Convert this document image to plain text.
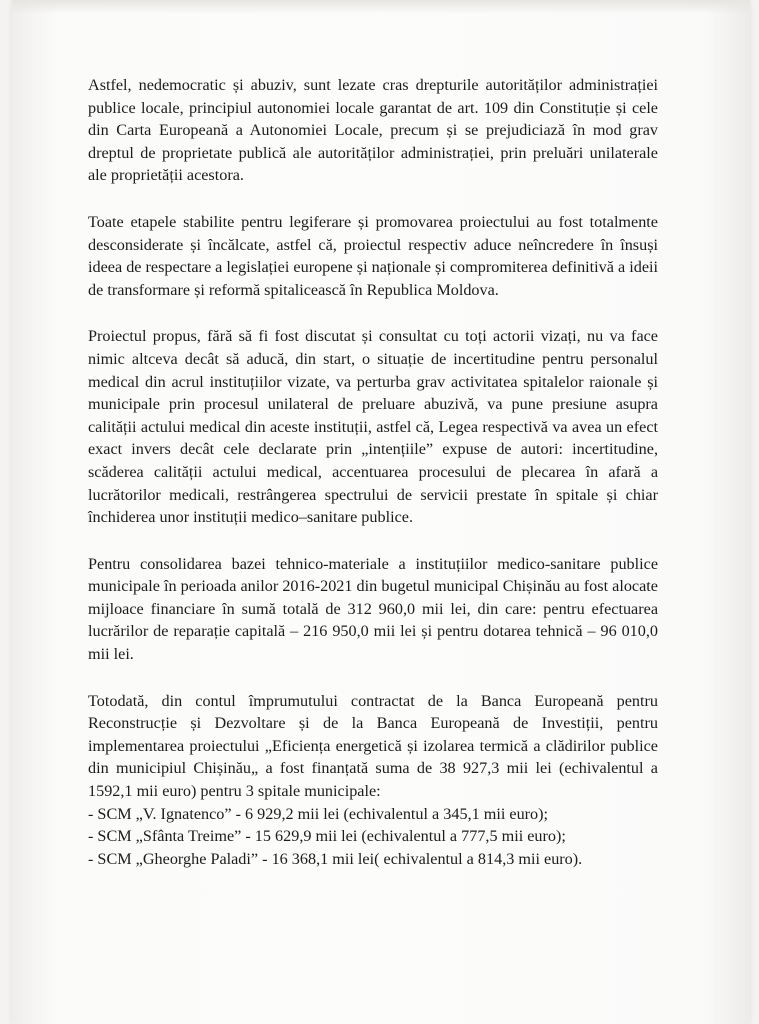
Astfel, nedemocratic și abuziv, sunt lezate cras drepturile autorităților administrației publice locale, principiul autonomiei locale garantat de art. 109 din Constituție și cele din Carta Europeană a Autonomiei Locale, precum și se prejudiciază în mod grav dreptul de proprietate publică ale autorităților administrației, prin preluări unilaterale ale proprietății acestora.

Toate etapele stabilite pentru legiferare și promovarea proiectului au fost totalmente desconsiderate și încălcate, astfel că, proiectul respectiv aduce neîncredere în însuși ideea de respectare a legislației europene și naționale și compromiterea definitivă a ideii de transformare și reformă spitalicească în Republica Moldova.

Proiectul propus, fără să fi fost discutat și consultat cu toți actorii vizați, nu va face nimic altceva decât să aducă, din start, o situație de incertitudine pentru personalul medical din acrul instituțiilor vizate, va perturba grav activitatea spitalelor raionale și municipale prin procesul unilateral de preluare abuzivă, va pune presiune asupra calității actului medical din aceste instituții, astfel că, Legea respectivă va avea un efect exact invers decât cele declarate prin „intențiile” expuse de autori: incertitudine, scăderea calității actului medical, accentuarea procesului de plecarea în afară a lucrătorilor medicali, restrângerea spectrului de servicii prestate în spitale și chiar închiderea unor instituții medico–sanitare publice.

Pentru consolidarea bazei tehnico-materiale a instituțiilor medico-sanitare publice municipale în perioada anilor 2016-2021 din bugetul municipal Chișinău au fost alocate mijloace financiare în sumă totală de 312 960,0 mii lei, din care: pentru efectuarea lucrărilor de reparație capitală – 216 950,0 mii lei și pentru dotarea tehnică – 96 010,0 mii lei.

Totodată, din contul împrumutului contractat de la Banca Europeană pentru Reconstrucție și Dezvoltare și de la Banca Europeană de Investiții, pentru implementarea proiectului „Eficiența energetică și izolarea termică a clădirilor publice din municipiul Chișinău„ a fost finanțată suma de 38 927,3 mii lei (echivalentul a 1592,1 mii euro) pentru 3 spitale municipale:

- SCM „V. Ignatenco” - 6 929,2 mii lei (echivalentul a 345,1 mii euro);
- SCM „Sfânta Treime” - 15 629,9 mii lei (echivalentul a 777,5 mii euro);
- SCM „Gheorghe Paladi” - 16 368,1 mii lei( echivalentul a 814,3 mii euro).
